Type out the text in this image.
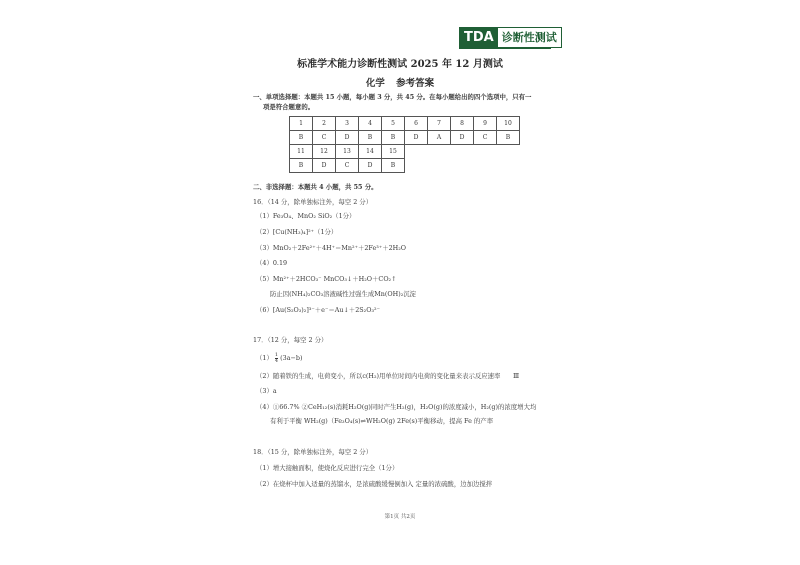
TDA 诊断性测试
标准学术能力诊断性测试 2025 年 12 月测试
化学 参考答案
一、单项选择题：本题共 15 小题，每小题 3 分，共 45 分。在每小题给出的四个选项中，只有一
项是符合题意的。
1	2	3	4	5	6	7	8	9	10
B	C	D	B	B	D	A	D	C	B
11	12	13	14	15					
B	D	C	D	B					
二、非选择题：本题共 4 小题，共 55 分。
16．（14 分，除单独标注外，每空 2 分）
（1）Fe₃O₄、MnO₂ SiO₂（1分）
（2）[Cu(NH₃)₄]²⁺（1分）
（3）MnO₂＋2Fe²⁺＋4H⁺＝Mn²⁺＋2Fe³⁺＋2H₂O
（4）0.19
（5）Mn²⁺＋2HCO₃⁻ MnCO₃↓＋H₂O＋CO₂↑
防止因(NH₄)₂CO₃溶液碱性过强生成Mn(OH)₂沉淀
（6）[Au(S₂O₃)₂]³⁻＋e⁻＝Au↓＋2S₂O₃²⁻
17．（12 分，每空 2 分）
$(1) \frac{1}{4} (3a-b)$
（2）随着铁的生成，电荷变小，所以c(H₂)用单位时间内电荷的变化量来表示反应速率 Ⅲ
（3）a
（4）①66.7% ②CeH₁₂(s)消耗H₂O(g)同时产生H₂(g)，H₂O(g)的浓度减小，H₂(g)的浓度增大均
有利于平衡 WH₂(g)（Fe₃O₄(s)⇌WH₂O(g) 2Fe(s)平衡移动，提高 Fe 的产率
18．（15 分，除单独标注外，每空 2 分）
（1）增大接触面积，使烧化反应进行完全（1分）
（2）在烧杯中加入适量的蒸馏水，是浓硫酸缓慢倒加入 定量的浓硫酸，边加边搅拌
第1页 共2页
